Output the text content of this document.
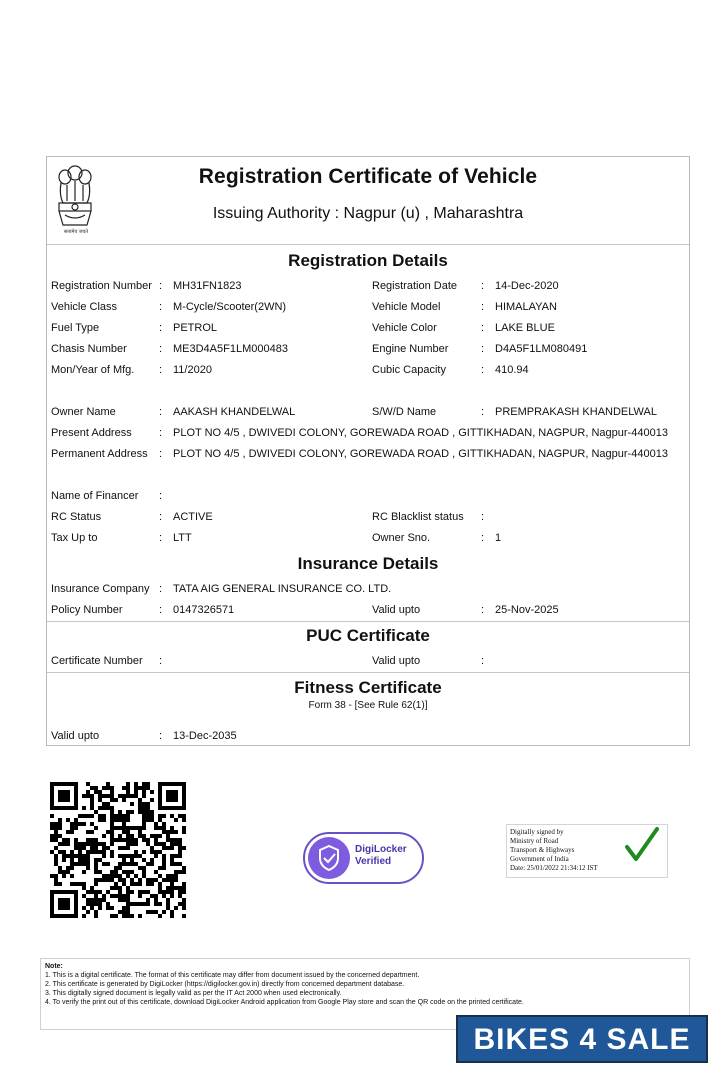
सत्यमेव जयते
Registration Certificate of Vehicle
Issuing Authority : Nagpur (u) , Maharashtra
Registration Details
Registration Number : MH31FN1823	Registration Date : 14-Dec-2020
Vehicle Class	: M-Cycle/Scooter(2WN)	Vehicle Model	: HIMALAYAN
Fuel Type	: PETROL	Vehicle Color	: LAKE BLUE
Chasis Number	: ME3D4A5F1LM000483	Engine Number	: D4A5F1LM080491
Mon/Year of Mfg. : 11/2020	Cubic Capacity	: 410.94
Owner Name	: AAKASH KHANDELWAL	S/W/D Name	: PREMPRAKASH KHANDELWAL
Present Address : PLOT NO 4/5 , DWIVEDI COLONY, GOREWADA ROAD , GITTIKHADAN, NAGPUR, Nagpur-440013
Permanent Address : PLOT NO 4/5 , DWIVEDI COLONY, GOREWADA ROAD , GITTIKHADAN, NAGPUR, Nagpur-440013
Name of Financer :
RC Status	: ACTIVE	RC Blacklist status :
Tax Up to	: LTT	Owner Sno.	: 1
Insurance Details
Insurance Company : TATA AIG GENERAL INSURANCE CO. LTD.
Policy Number	: 0147326571	Valid upto	: 25-Nov-2025
PUC Certificate
Certificate Number :	Valid upto	:
Fitness Certificate
Form 38 - [See Rule 62(1)]
Valid upto	: 13-Dec-2035
DigiLocker
Verified
Digitally signed by
Ministry of Road
Transport & Highways
Government of India
Date: 25/01/2022 21:34:12 IST
Note:
1. This is a digital certificate. The format of this certificate may differ from document issued by the concerned department.
2. This certificate is generated by DigiLocker (https://digilocker.gov.in) directly from concerned department database.
3. This digitally signed document is legally valid as per the IT Act 2000 when used electronically.
4. To verify the print out of this certificate, download DigiLocker Android application from Google Play store and scan the QR code on the printed certificate.
BIKES 4 SALE
